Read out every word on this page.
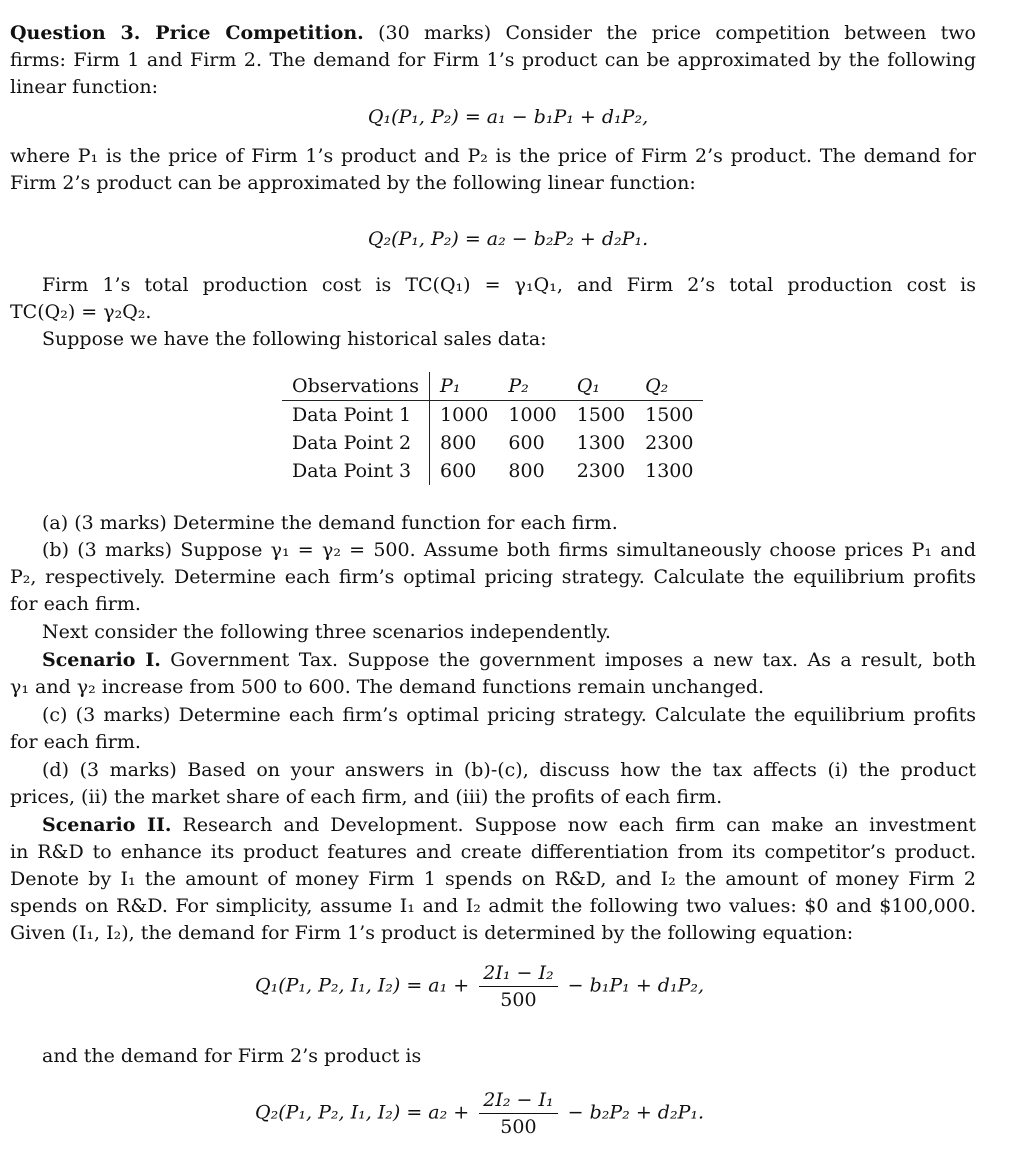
Question 3. Price Competition. (30 marks) Consider the price competition between two
firms: Firm 1 and Firm 2. The demand for Firm 1’s product can be approximated by the following
linear function:
Q₁(P₁, P₂) = a₁ − b₁P₁ + d₁P₂,
where P₁ is the price of Firm 1’s product and P₂ is the price of Firm 2’s product. The demand for
Firm 2’s product can be approximated by the following linear function:
Q₂(P₁, P₂) = a₂ − b₂P₂ + d₂P₁.
Firm 1’s total production cost is TC(Q₁) = γ₁Q₁, and Firm 2’s total production cost is
TC(Q₂) = γ₂Q₂.
Suppose we have the following historical sales data:
Observations	P₁	P₂	Q₁	Q₂
Data Point 1	1000	1000	1500	1500
Data Point 2	800	600	1300	2300
Data Point 3	600	800	2300	1300
(a) (3 marks) Determine the demand function for each firm.
(b) (3 marks) Suppose γ₁ = γ₂ = 500. Assume both firms simultaneously choose prices P₁ and
P₂, respectively. Determine each firm’s optimal pricing strategy. Calculate the equilibrium profits
for each firm.
Next consider the following three scenarios independently.
Scenario I. Government Tax. Suppose the government imposes a new tax. As a result, both
γ₁ and γ₂ increase from 500 to 600. The demand functions remain unchanged.
(c) (3 marks) Determine each firm’s optimal pricing strategy. Calculate the equilibrium profits
for each firm.
(d) (3 marks) Based on your answers in (b)-(c), discuss how the tax affects (i) the product
prices, (ii) the market share of each firm, and (iii) the profits of each firm.
Scenario II. Research and Development. Suppose now each firm can make an investment
in R&D to enhance its product features and create differentiation from its competitor’s product.
Denote by I₁ the amount of money Firm 1 spends on R&D, and I₂ the amount of money Firm 2
spends on R&D. For simplicity, assume I₁ and I₂ admit the following two values: $0 and $100,000.
Given (I₁, I₂), the demand for Firm 1’s product is determined by the following equation:
Q₁(P₁, P₂, I₁, $I_2) = a_1 + \frac{\text{2I₁ − I₂}}{500} - b_1P_1 + d_1P_2$,
and the demand for Firm 2’s product is
Q₂(P₁, P₂, I₁, $I_2) = a_2 + \frac{\text{2I₂ − I₁}}{500} - b_2P_2 + d_2P_1$.
